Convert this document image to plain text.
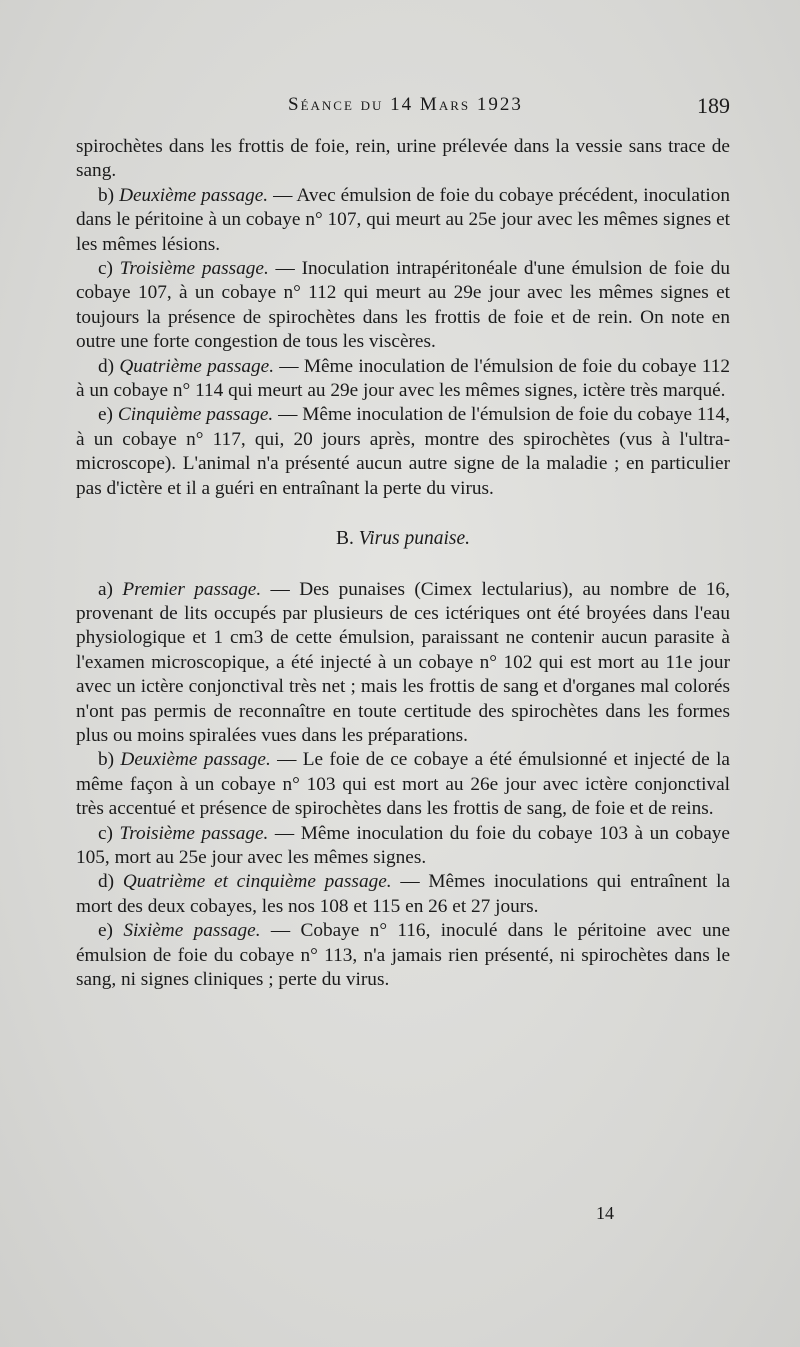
Séance du 14 Mars 1923	189

spirochètes dans les frottis de foie, rein, urine prélevée dans la vessie sans trace de sang.

b) Deuxième passage. — Avec émulsion de foie du cobaye précédent, inoculation dans le péritoine à un cobaye n° 107, qui meurt au 25e jour avec les mêmes signes et les mêmes lésions.

c) Troisième passage. — Inoculation intrapéritonéale d'une émulsion de foie du cobaye 107, à un cobaye n° 112 qui meurt au 29e jour avec les mêmes signes et toujours la présence de spirochètes dans les frottis de foie et de rein. On note en outre une forte congestion de tous les viscères.

d) Quatrième passage. — Même inoculation de l'émulsion de foie du cobaye 112 à un cobaye n° 114 qui meurt au 29e jour avec les mêmes signes, ictère très marqué.

e) Cinquième passage. — Même inoculation de l'émulsion de foie du cobaye 114, à un cobaye n° 117, qui, 20 jours après, montre des spirochètes (vus à l'ultra-microscope). L'animal n'a présenté aucun autre signe de la maladie ; en particulier pas d'ictère et il a guéri en entraînant la perte du virus.

B. Virus punaise.

a) Premier passage. — Des punaises (Cimex lectularius), au nombre de 16, provenant de lits occupés par plusieurs de ces ictériques ont été broyées dans l'eau physiologique et 1 cm3 de cette émulsion, paraissant ne contenir aucun parasite à l'examen microscopique, a été injecté à un cobaye n° 102 qui est mort au 11e jour avec un ictère conjonctival très net ; mais les frottis de sang et d'organes mal colorés n'ont pas permis de reconnaître en toute certitude des spirochètes dans les formes plus ou moins spiralées vues dans les préparations.

b) Deuxième passage. — Le foie de ce cobaye a été émulsionné et injecté de la même façon à un cobaye n° 103 qui est mort au 26e jour avec ictère conjonctival très accentué et présence de spirochètes dans les frottis de sang, de foie et de reins.

c) Troisième passage. — Même inoculation du foie du cobaye 103 à un cobaye 105, mort au 25e jour avec les mêmes signes.

d) Quatrième et cinquième passage. — Mêmes inoculations qui entraînent la mort des deux cobayes, les nos 108 et 115 en 26 et 27 jours.

e) Sixième passage. — Cobaye n° 116, inoculé dans le péritoine avec une émulsion de foie du cobaye n° 113, n'a jamais rien présenté, ni spirochètes dans le sang, ni signes cliniques ; perte du virus.

14
